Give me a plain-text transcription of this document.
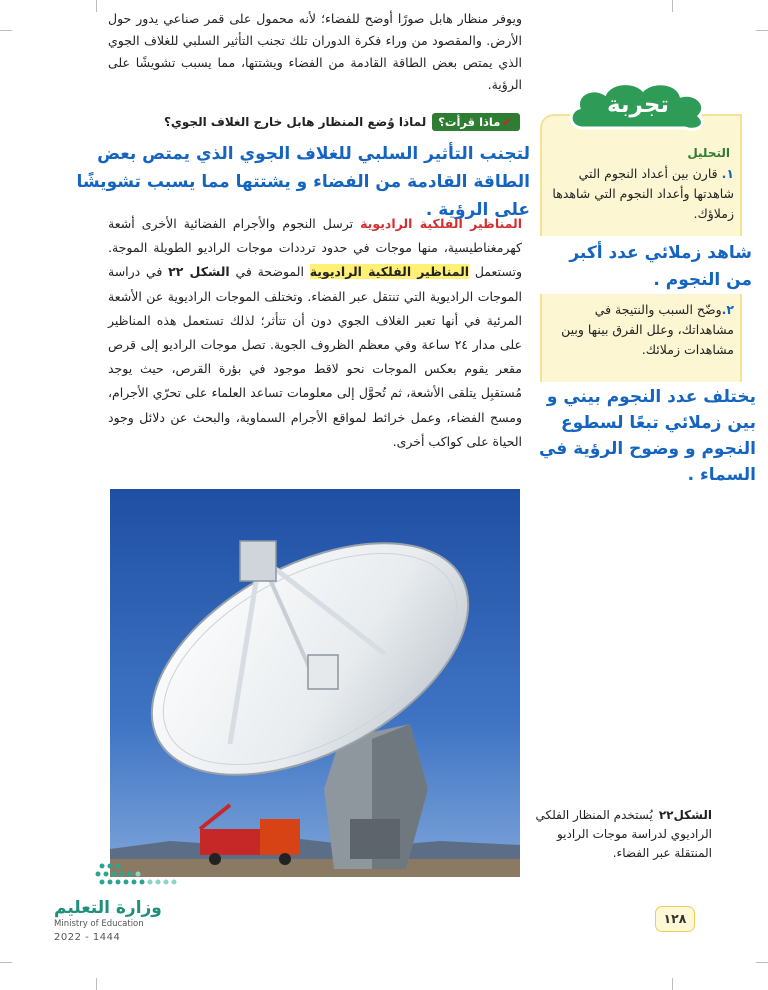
ويوفر منظار هابل صورًا أوضح للفضاء؛ لأنه محمول على قمر صناعي يدور حول الأرض. والمقصود من وراء فكرة الدوران تلك تجنب التأثير السلبي للغلاف الجوي الذي يمتص بعض الطاقة القادمة من الفضاء ويشتتها، مما يسبب تشويشًا على الرؤية.
✔ماذا قرأت؟لماذا وُضع المنظار هابل خارج الغلاف الجوي؟
لتجنب التأثير السلبي للغلاف الجوي الذي يمتص بعض الطاقة القادمة من الفضاء و يشتتها مما يسبب تشويشًا على الرؤية .
المناظير الفلكية الراديوية ترسل النجوم والأجرام الفضائية الأخرى أشعة كهرمغناطيسية، منها موجات في حدود ترددات موجات الراديو الطويلة الموجة. وتستعمل المناظير الفلكية الراديوية الموضحة في الشكل ٢٢ في دراسة الموجات الراديوية التي تنتقل عبر الفضاء. وتختلف الموجات الراديوية عن الأشعة المرئية في أنها تعبر الغلاف الجوي دون أن تتأثر؛ لذلك تستعمل هذه المناظير على مدار ٢٤ ساعة وفي معظم الظروف الجوية. تصل موجات الراديو إلى قرص مقعر يقوم بعكس الموجات نحو لاقط موجود في بؤرة القرص، حيث يوجد مُستقبِل يتلقى الأشعة، ثم تُحوَّل إلى معلومات تساعد العلماء على تحرّي الأجرام، ومسح الفضاء، وعمل خرائط لمواقع الأجرام السماوية، والبحث عن دلائل وجود الحياة على كواكب أخرى.
تجربة
التحليل
١. قارن بين أعداد النجوم التي شاهدتها وأعداد النجوم التي شاهدها زملاؤك.
شاهد زملائي عدد أكبر من النجوم .
٢.وضّح السبب والنتيجة في مشاهداتك، وعلل الفرق بينها وبين مشاهدات زملائك.
يختلف عدد النجوم بيني و بين زملائي تبعًا لسطوع النجوم و وضوح الرؤية في السماء .
الشكل٢٢يُستخدم المنظار الفلكي الراديوي لدراسة موجات الراديو المنتقلة عبر الفضاء.
١٢٨
وزارة التعليم
Ministry of Education
2022 - 1444
